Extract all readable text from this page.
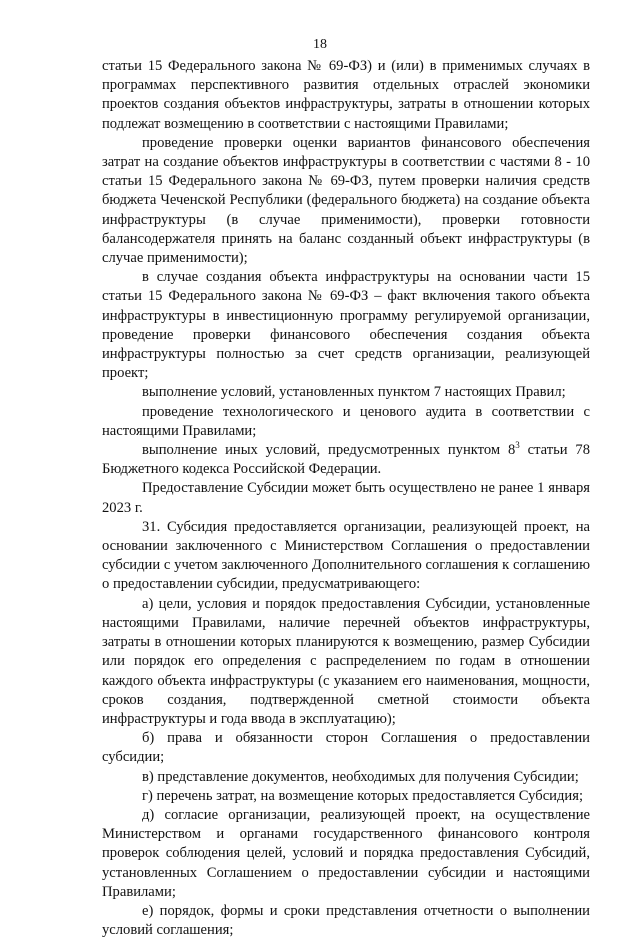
18

статьи 15 Федерального закона № 69-ФЗ) и (или) в применимых случаях в программах перспективного развития отдельных отраслей экономики проектов создания объектов инфраструктуры, затраты в отношении которых подлежат возмещению в соответствии с настоящими Правилами;

проведение проверки оценки вариантов финансового обеспечения затрат на создание объектов инфраструктуры в соответствии с частями 8 - 10 статьи 15 Федерального закона № 69-ФЗ, путем проверки наличия средств бюджета Чеченской Республики (федерального бюджета) на создание объекта инфраструктуры (в случае применимости), проверки готовности балансодержателя принять на баланс созданный объект инфраструктуры (в случае применимости);

в случае создания объекта инфраструктуры на основании части 15 статьи 15 Федерального закона № 69-ФЗ – факт включения такого объекта инфраструктуры в инвестиционную программу регулируемой организации, проведение проверки финансового обеспечения создания объекта инфраструктуры полностью за счет средств организации, реализующей проект;

выполнение условий, установленных пунктом 7 настоящих Правил;

проведение технологического и ценового аудита в соответствии с настоящими Правилами;

выполнение иных условий, предусмотренных пунктом $8^3$ статьи 78 Бюджетного кодекса Российской Федерации.

Предоставление Субсидии может быть осуществлено не ранее 1 января 2023 г.

31. Субсидия предоставляется организации, реализующей проект, на основании заключенного с Министерством Соглашения о предоставлении субсидии с учетом заключенного Дополнительного соглашения к соглашению о предоставлении субсидии, предусматривающего:

а) цели, условия и порядок предоставления Субсидии, установленные настоящими Правилами, наличие перечней объектов инфраструктуры, затраты в отношении которых планируются к возмещению, размер Субсидии или порядок его определения с распределением по годам в отношении каждого объекта инфраструктуры (с указанием его наименования, мощности, сроков создания, подтвержденной сметной стоимости объекта инфраструктуры и года ввода в эксплуатацию);

б) права и обязанности сторон Соглашения о предоставлении субсидии;

в) представление документов, необходимых для получения Субсидии;

г) перечень затрат, на возмещение которых предоставляется Субсидия;

д) согласие организации, реализующей проект, на осуществление Министерством и органами государственного финансового контроля проверок соблюдения целей, условий и порядка предоставления Субсидий, установленных Соглашением о предоставлении субсидии и настоящими Правилами;

е) порядок, формы и сроки представления отчетности о выполнении условий соглашения;
